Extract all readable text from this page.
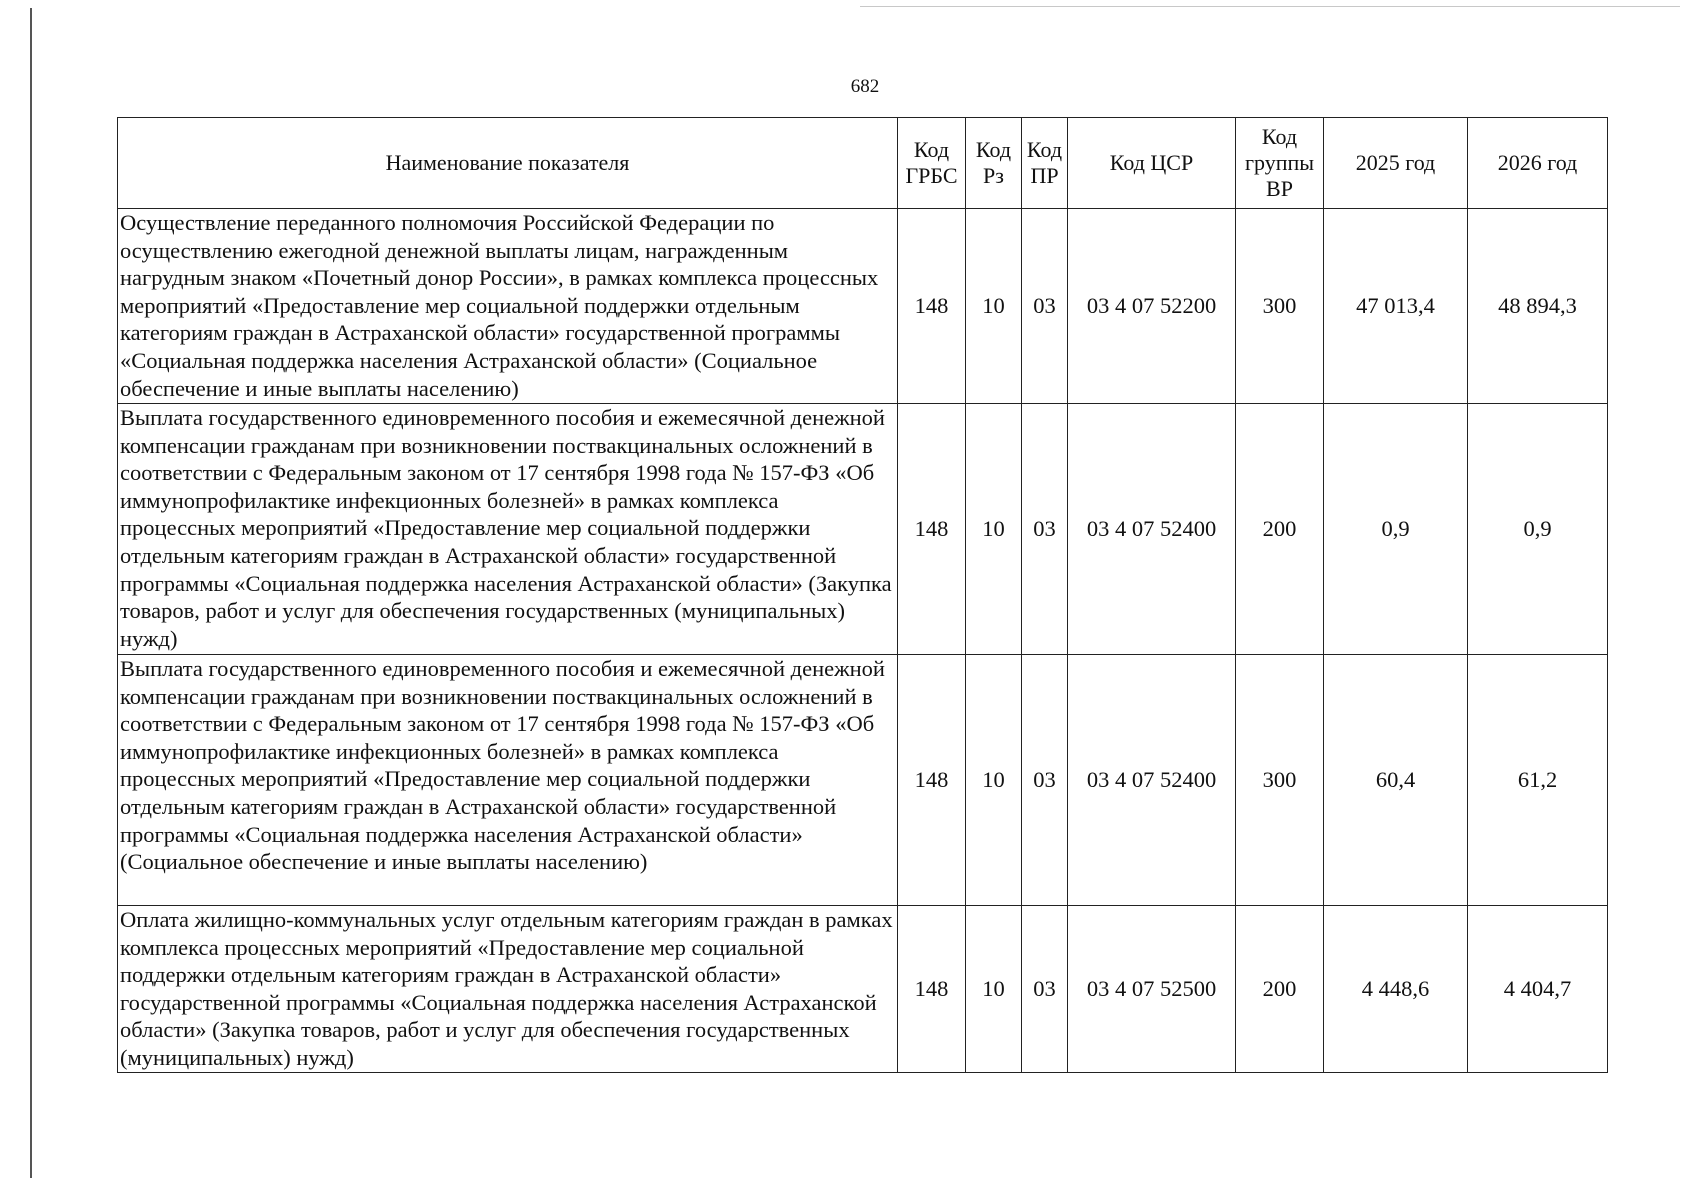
682
Наименование показателя	Код ГРБС	Код Рз	Код ПР	Код ЦСР	Код группы ВР	2025 год	2026 год
Осуществление переданного полномочия Российской Федерации по осуществлению ежегодной денежной выплаты лицам, награжденным нагрудным знаком «Почетный донор России», в рамках комплекса процессных мероприятий «Предоставление мер социальной поддержки отдельным категориям граждан в Астраханской области» государственной программы «Социальная поддержка населения Астраханской области» (Социальное обеспечение и иные выплаты населению)	148	10	03	03 4 07 52200	300	47 013,4	48 894,3
Выплата государственного единовременного пособия и ежемесячной денежной компенсации гражданам при возникновении поствакцинальных осложнений в соответствии с Федеральным законом от 17 сентября 1998 года № 157-ФЗ «Об иммунопрофилактике инфекционных болезней» в рамках комплекса процессных мероприятий «Предоставление мер социальной поддержки отдельным категориям граждан в Астраханской области» государственной программы «Социальная поддержка населения Астраханской области» (Закупка товаров, работ и услуг для обеспечения государственных (муниципальных) нужд)	148	10	03	03 4 07 52400	200	0,9	0,9
Выплата государственного единовременного пособия и ежемесячной денежной компенсации гражданам при возникновении поствакцинальных осложнений в соответствии с Федеральным законом от 17 сентября 1998 года № 157-ФЗ «Об иммунопрофилактике инфекционных болезней» в рамках комплекса процессных мероприятий «Предоставление мер социальной поддержки отдельным категориям граждан в Астраханской области» государственной программы «Социальная поддержка населения Астраханской области» (Социальное обеспечение и иные выплаты населению)	148	10	03	03 4 07 52400	300	60,4	61,2
Оплата жилищно-коммунальных услуг отдельным категориям граждан в рамках комплекса процессных мероприятий «Предоставление мер социальной поддержки отдельным категориям граждан в Астраханской области» государственной программы «Социальная поддержка населения Астраханской области» (Закупка товаров, работ и услуг для обеспечения государственных (муниципальных) нужд)	148	10	03	03 4 07 52500	200	4 448,6	4 404,7
